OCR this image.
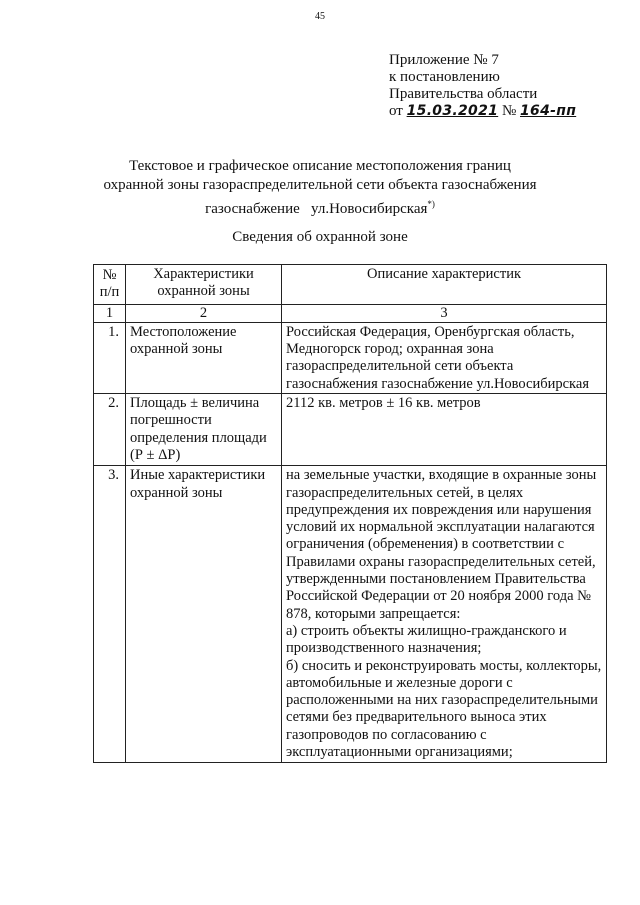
45
Приложение № 7
к постановлению
Правительства области
от 15.03.2021 № 164-пп
Текстовое и графическое описание местоположения границ
охранной зоны газораспределительной сети объекта газоснабжения
газоснабжение   ул.Новосибирская*)
Сведения об охранной зоне
№ п/п	Характеристики охранной зоны	Описание характеристик
1	2	3
1.	Местоположение охранной зоны	Российская Федерация, Оренбургская область, Медногорск город; охранная зона газораспределительной сети объекта газоснабжения газоснабжение ул.Новосибирская
2.	Площадь ± величина погрешности определения площади (Р ± ΔР)	2112 кв. метров ± 16 кв. метров
3.	Иные характеристики охранной зоны	на земельные участки, входящие в охранные зоны газораспределительных сетей, в целях предупреждения их повреждения или нарушения условий их нормальной эксплуатации налагаются ограничения (обременения) в соответствии с Правилами охраны газораспределительных сетей, утвержденными постановлением Правительства Российской Федерации от 20 ноября 2000 года № 878, которыми запрещается:
а) строить объекты жилищно-гражданского и производственного назначения;
б) сносить и реконструировать мосты, коллекторы, автомобильные и железные дороги с расположенными на них газораспределительными сетями без предварительного выноса этих газопроводов по согласованию с эксплуатационными организациями;
